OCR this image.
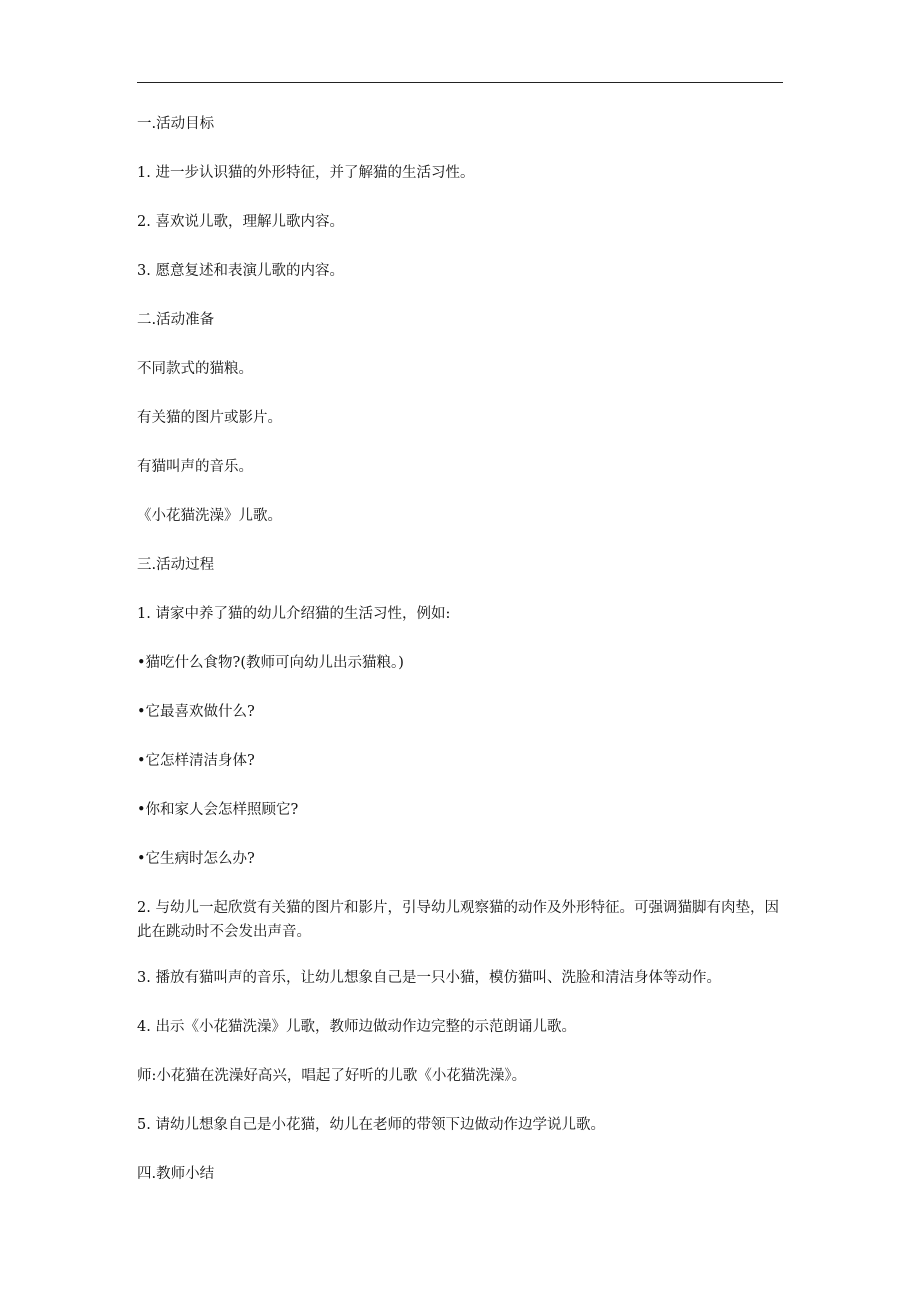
一.活动目标

1. 进一步认识猫的外形特征，并了解猫的生活习性。

2. 喜欢说儿歌，理解儿歌内容。

3. 愿意复述和表演儿歌的内容。

二.活动准备

不同款式的猫粮。

有关猫的图片或影片。

有猫叫声的音乐。

《小花猫洗澡》儿歌。

三.活动过程

1. 请家中养了猫的幼儿介绍猫的生活习性，例如:

•猫吃什么食物?(教师可向幼儿出示猫粮。)

•它最喜欢做什么?

•它怎样清洁身体?

•你和家人会怎样照顾它?

•它生病时怎么办?

2. 与幼儿一起欣赏有关猫的图片和影片，引导幼儿观察猫的动作及外形特征。可强调猫脚有肉垫，因此在跳动时不会发出声音。

3. 播放有猫叫声的音乐，让幼儿想象自己是一只小猫，模仿猫叫、洗脸和清洁身体等动作。

4. 出示《小花猫洗澡》儿歌，教师边做动作边完整的示范朗诵儿歌。

师:小花猫在洗澡好高兴，唱起了好听的儿歌《小花猫洗澡》。

5. 请幼儿想象自己是小花猫，幼儿在老师的带领下边做动作边学说儿歌。

四.教师小结
